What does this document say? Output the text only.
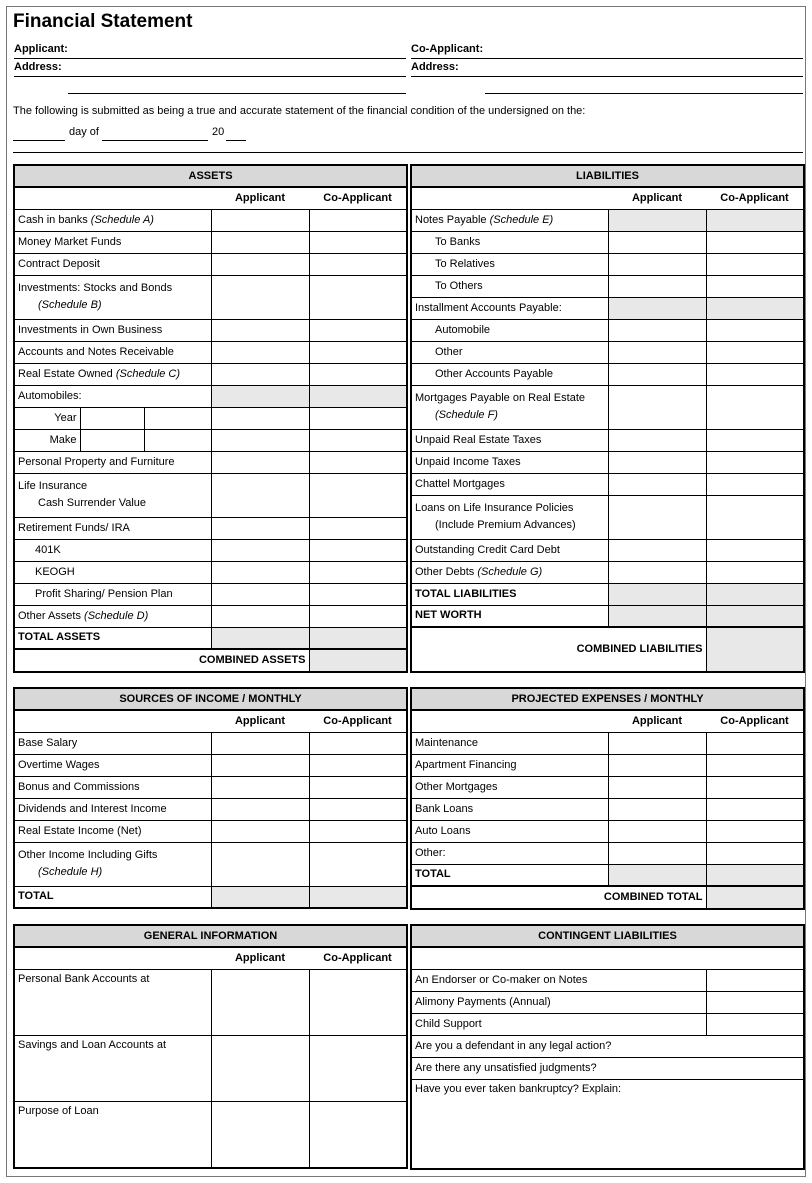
Financial Statement
Applicant:	Co-Applicant:
Address:	Address:
The following is submitted as being a true and accurate statement of the financial condition of the undersigned on the:
day of	20
ASSETS				
			Applicant	Co-Applicant
Cash in banks (Schedule A)				
Money Market Funds				
Contract Deposit				
Investments: Stocks and Bonds
(Schedule B)				

Investments in Own Business				
Accounts and Notes Receivable				
Real Estate Owned (Schedule C)				
Automobiles:				
Year				
Make				
Personal Property and Furniture				
Life Insurance
Cash Surrender Value				

Retirement Funds/ IRA				
401K				
KEOGH				
Profit Sharing/ Pension Plan				
Other Assets (Schedule D)				
TOTAL ASSETS				
COMBINED ASSETS				
LIABILITIES		
	Applicant	Co-Applicant
Notes Payable (Schedule E)		
To Banks		
To Relatives		
To Others		
Installment Accounts Payable:		
Automobile		
Other		
Other Accounts Payable		
Mortgages Payable on Real Estate
(Schedule F)		

Unpaid Real Estate Taxes		
Unpaid Income Taxes		
Chattel Mortgages		
Loans on Life Insurance Policies
(Include Premium Advances)		

Outstanding Credit Card Debt		
Other Debts (Schedule G)		
TOTAL LIABILITIES		
NET WORTH		
COMBINED LIABILITIES		
SOURCES OF INCOME / MONTHLY		
	Applicant	Co-Applicant
Base Salary		
Overtime Wages		
Bonus and Commissions		
Dividends and Interest Income		
Real Estate Income (Net)		
Other Income Including Gifts
(Schedule H)		

TOTAL		
PROJECTED EXPENSES / MONTHLY		
	Applicant	Co-Applicant
Maintenance		
Apartment Financing		
Other Mortgages		
Bank Loans		
Auto Loans		
Other:		
TOTAL		
COMBINED TOTAL		
GENERAL INFORMATION		
	Applicant	Co-Applicant
Personal Bank Accounts at		
Savings and Loan Accounts at		
Purpose of Loan		
CONTINGENT LIABILITIES	

An Endorser or Co-maker on Notes	
Alimony Payments (Annual)	
Child Support	
Are you a defendant in any legal action?	
Are there any unsatisfied judgments?	
Have you ever taken bankruptcy? Explain:	
